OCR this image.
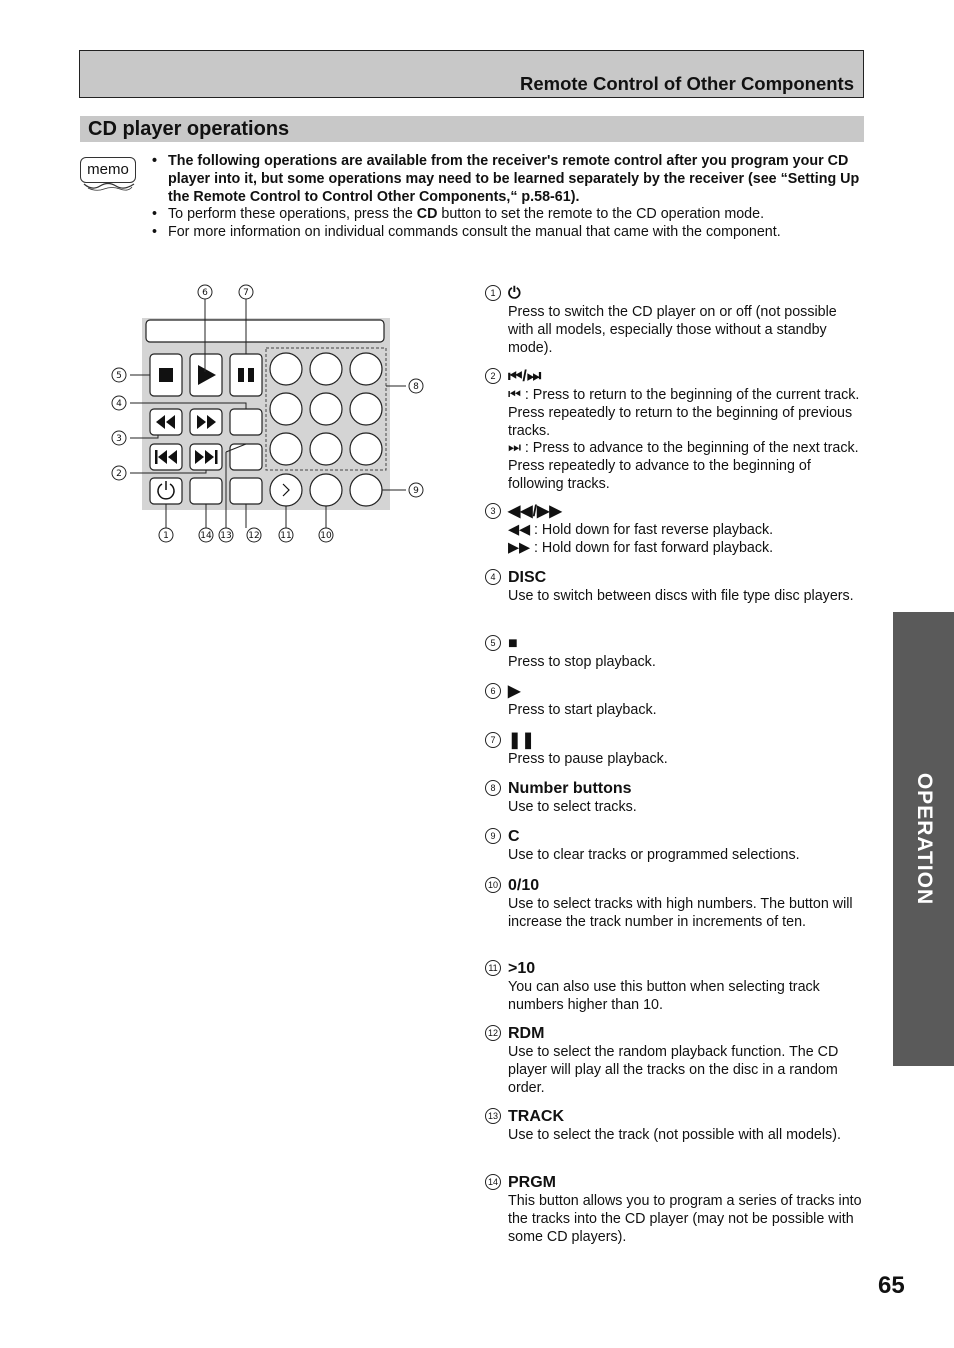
Remote Control of Other Components
CD player operations
memo	• The following operations are available from the receiver's remote control after you program your CD player into it, but some operations may need to be learned separately by the receiver (see “Setting Up the Remote Control to Control Other Components,“ p.58-61).

• To perform these operations, press the CD button to set the remote to the CD operation mode.

• For more information on individual commands consult the manual that came with the component.

6	7
5
4
3
2
1	14 13 12 11	10
8
9
1 ⏻

Press to switch the CD player on or off (not possible with all models, especially those without a standby mode).

2 ⏮/⏭

⏮ : Press to return to the beginning of the current track. Press repeatedly to return to the beginning of previous tracks.

⏭ : Press to advance to the beginning of the next track. Press repeatedly to advance to the beginning of following tracks.

3 ◀◀/▶▶

◀◀ : Hold down for fast reverse playback.

▶▶ : Hold down for fast forward playback.

4 DISC

Use to switch between discs with file type disc players.

5 ■

Press to stop playback.

6 ▶

Press to start playback.

7 ❚❚

Press to pause playback.

8 Number buttons

Use to select tracks.

9 C

Use to clear tracks or programmed selections.

10 0/10

Use to select tracks with high numbers. The button will increase the track number in increments of ten.

11 >10

You can also use this button when selecting track numbers higher than 10.

12 RDM

Use to select the random playback function. The CD player will play all the tracks on the disc in a random order.

13 TRACK

Use to select the track (not possible with all models).

14 PRGM

This button allows you to program a series of tracks into the tracks into the CD player (may not be possible with some CD players).

OPERATION
65
